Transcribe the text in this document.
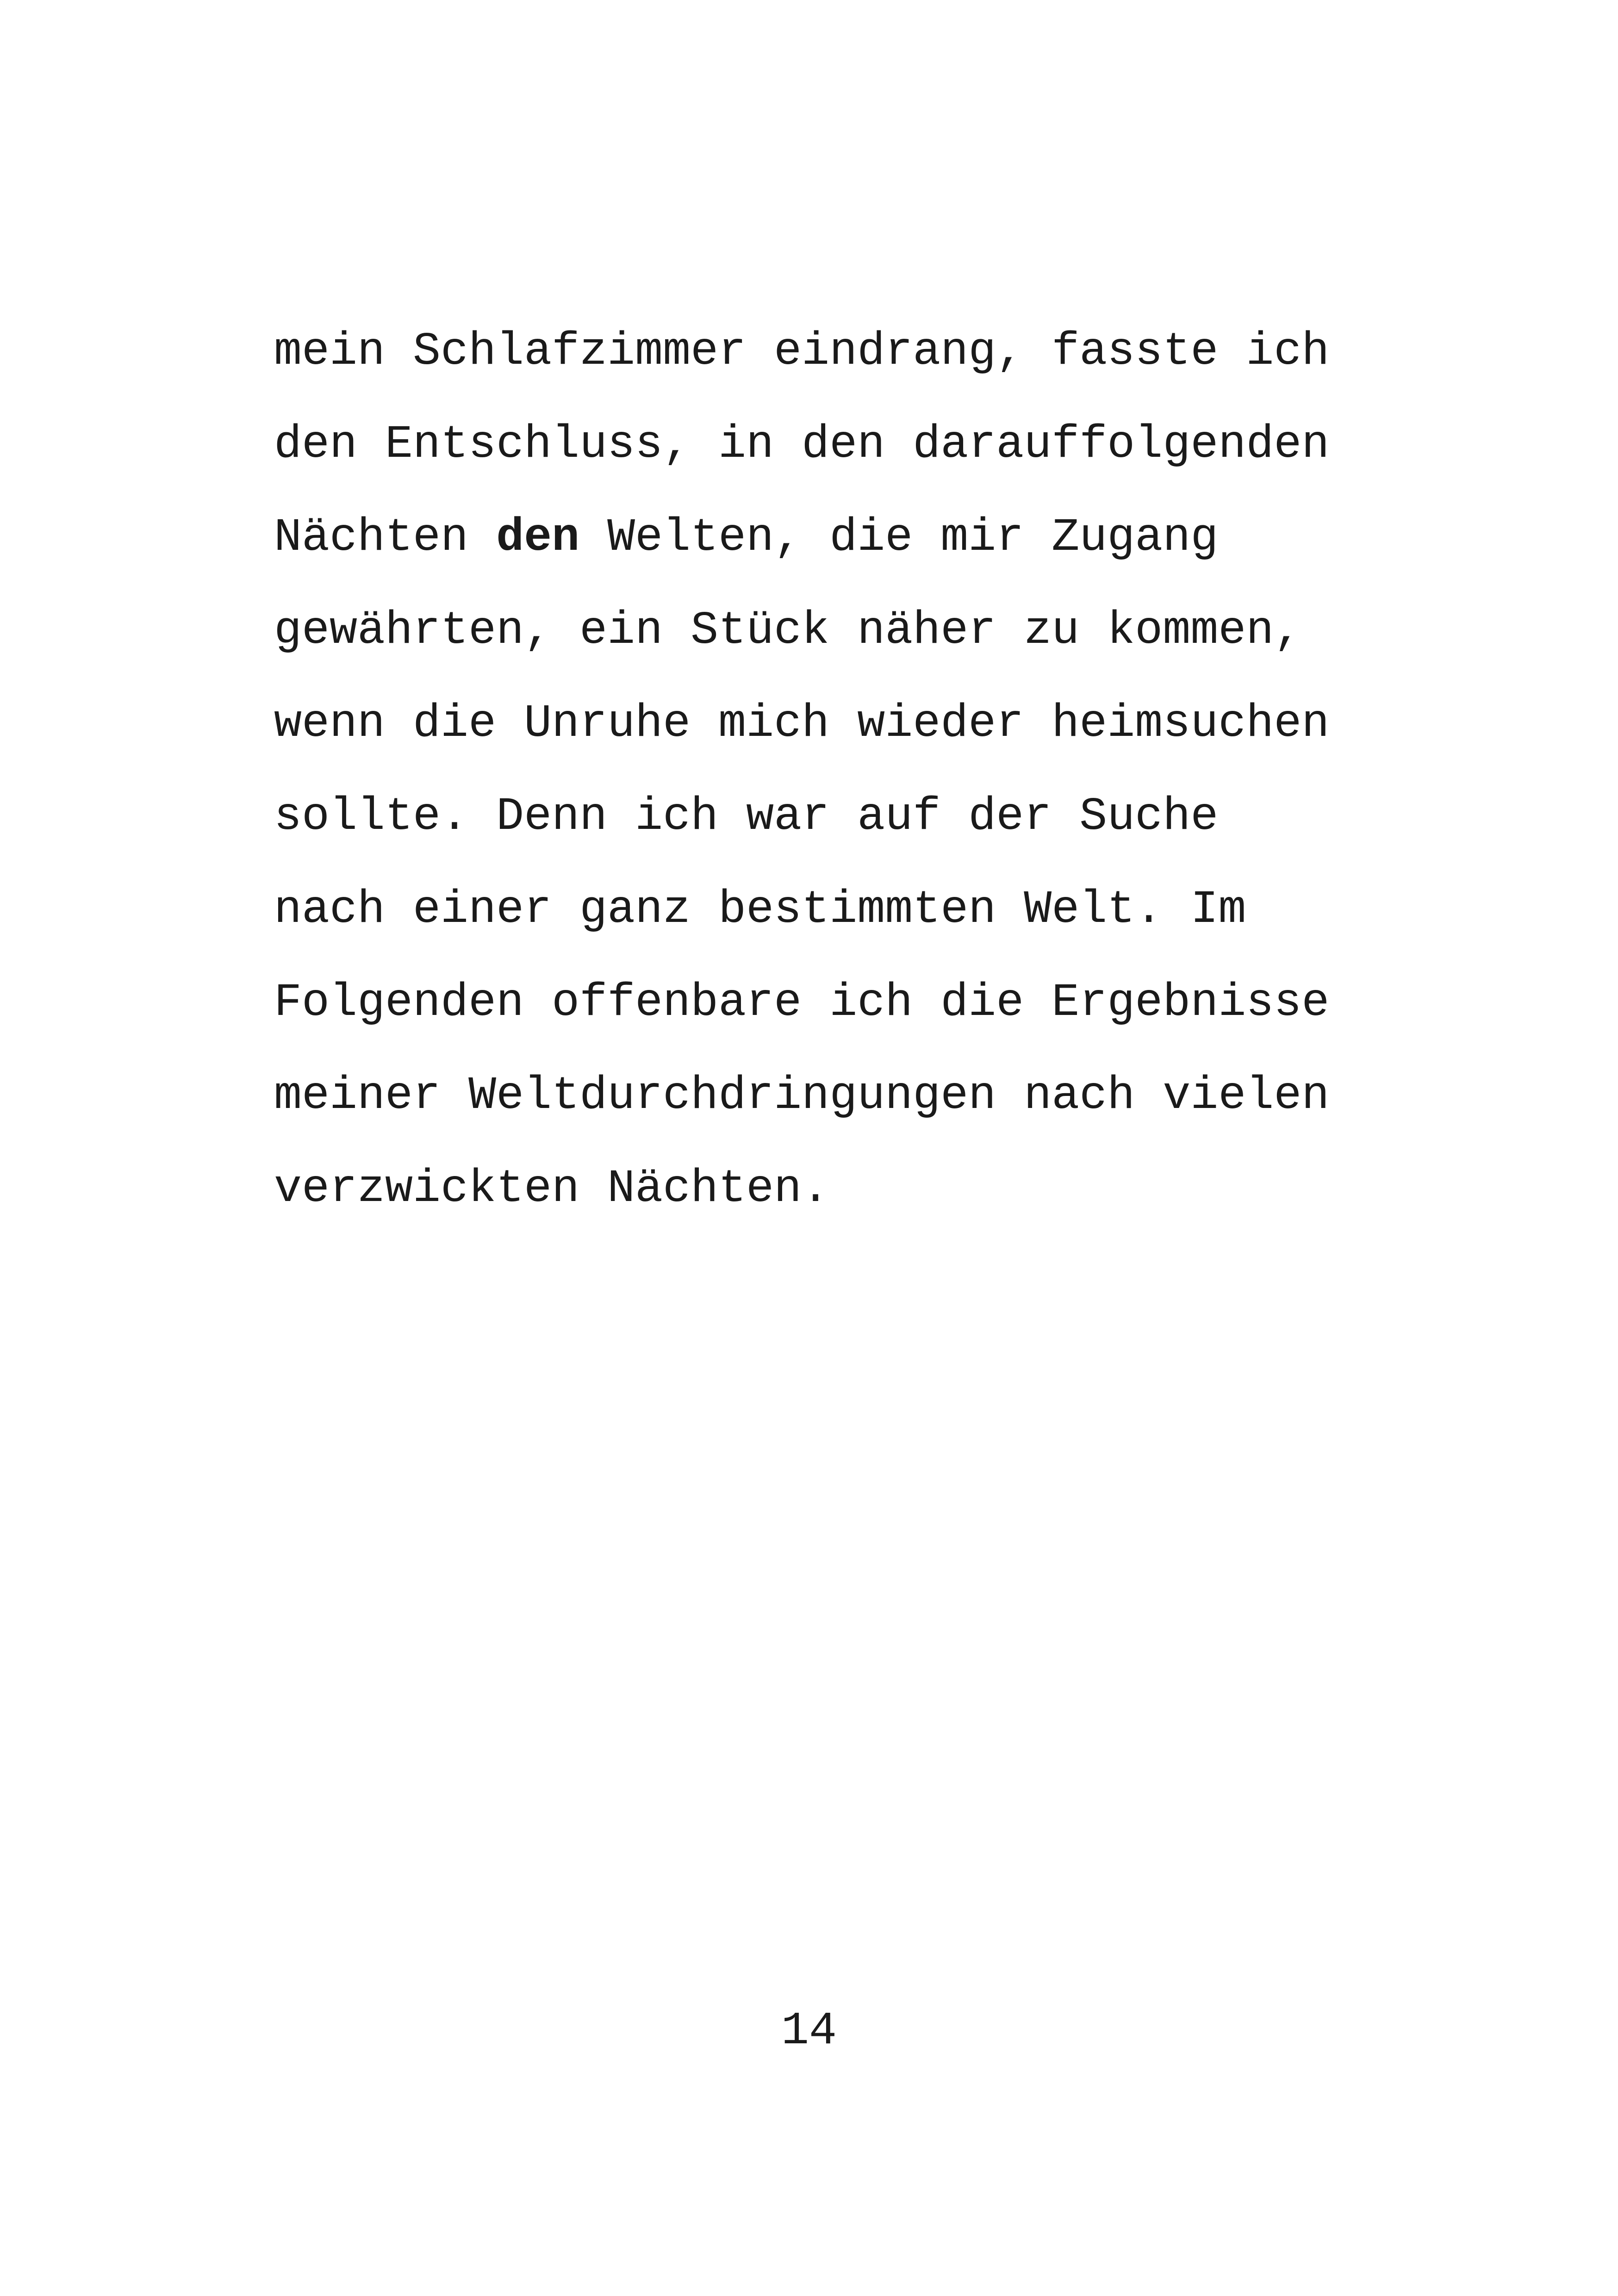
mein Schlafzimmer eindrang, fasste ich
den Entschluss, in den darauffolgenden
Nächten den Welten, die mir Zugang
gewährten, ein Stück näher zu kommen,
wenn die Unruhe mich wieder heimsuchen
sollte. Denn ich war auf der Suche
nach einer ganz bestimmten Welt. Im
Folgenden offenbare ich die Ergebnisse
meiner Weltdurchdringungen nach vielen
verzwickten Nächten.
14
